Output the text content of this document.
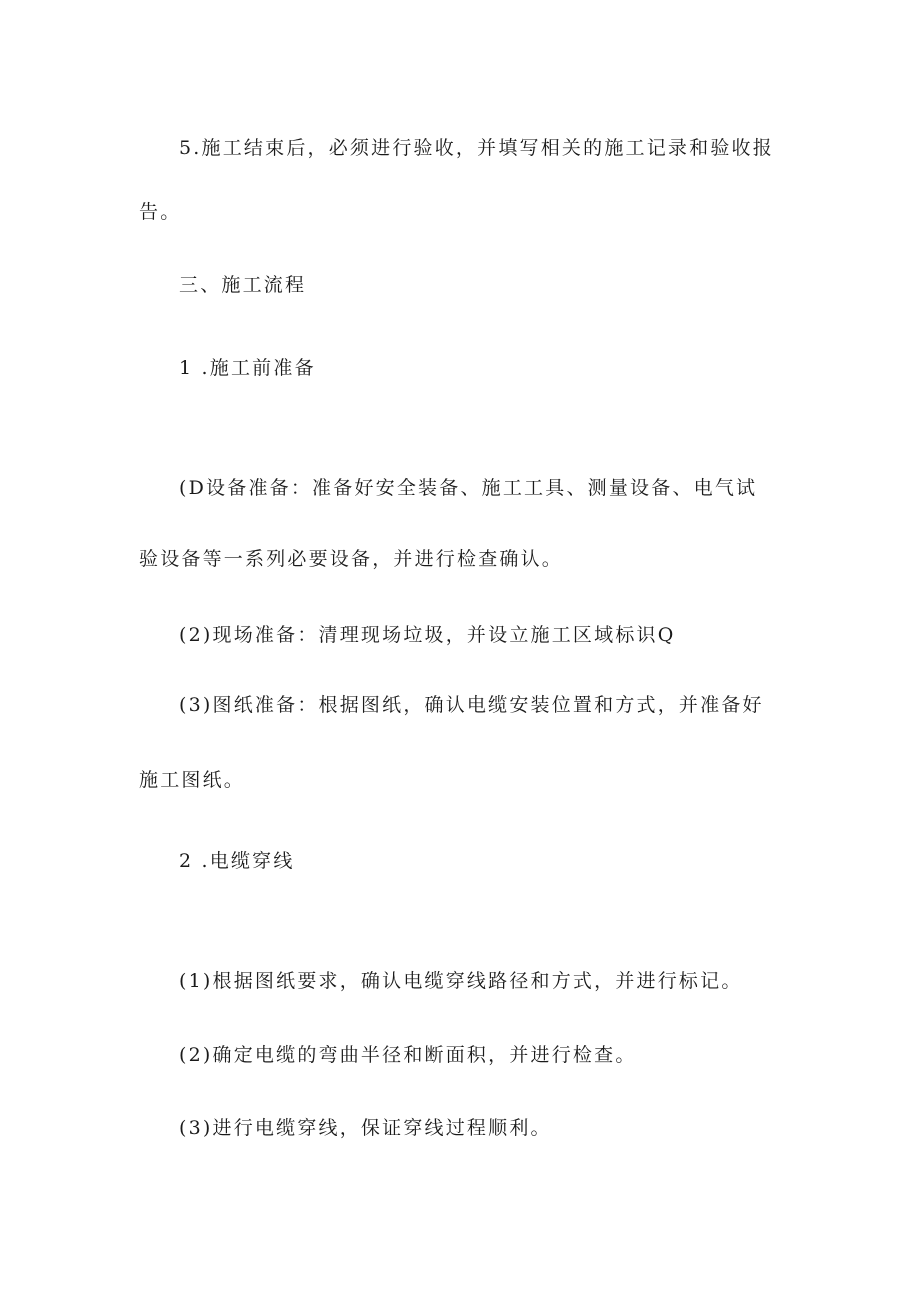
5.施工结束后，必须进行验收，并填写相关的施工记录和验收报
告。
三、施工流程
1 .施工前准备
(D设备准备：准备好安全装备、施工工具、测量设备、电气试
验设备等一系列必要设备，并进行检查确认。
(2)现场准备：清理现场垃圾，并设立施工区域标识Q
(3)图纸准备：根据图纸，确认电缆安装位置和方式，并准备好
施工图纸。
2 .电缆穿线
(1)根据图纸要求，确认电缆穿线路径和方式，并进行标记。
(2)确定电缆的弯曲半径和断面积，并进行检查。
(3)进行电缆穿线，保证穿线过程顺利。
